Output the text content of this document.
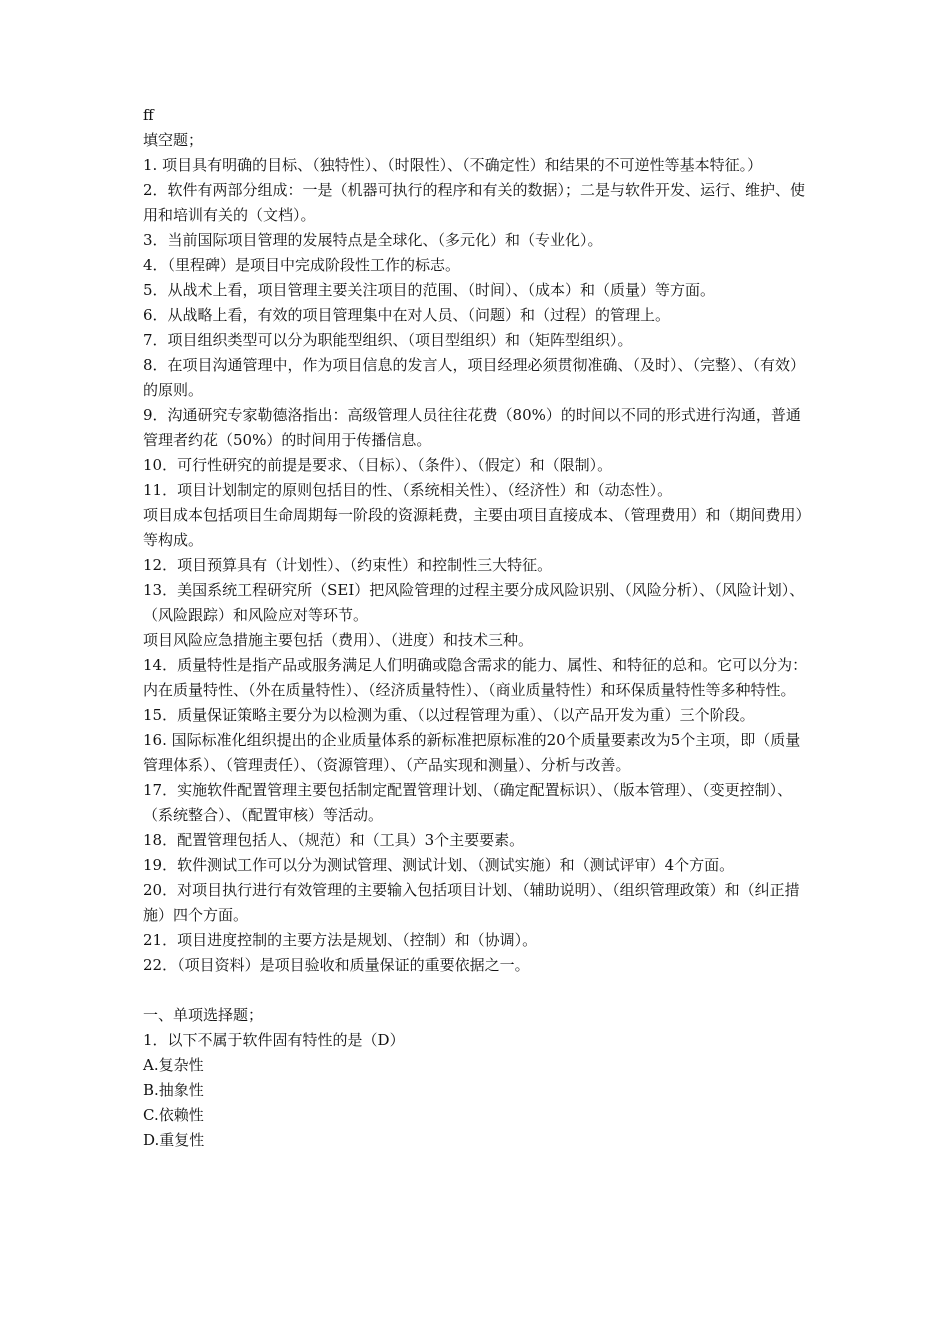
ff

填空题；

1. 项目具有明确的目标、（独特性）、（时限性）、（不确定性）和结果的不可逆性等基本特征。）

2．软件有两部分组成：一是（机器可执行的程序和有关的数据）；二是与软件开发、运行、维护、使用和培训有关的（文档）。

3．当前国际项目管理的发展特点是全球化、（多元化）和（专业化）。

4．（里程碑）是项目中完成阶段性工作的标志。

5．从战术上看，项目管理主要关注项目的范围、（时间）、（成本）和（质量）等方面。

6．从战略上看，有效的项目管理集中在对人员、（问题）和（过程）的管理上。

7．项目组织类型可以分为职能型组织、（项目型组织）和（矩阵型组织）。

8．在项目沟通管理中，作为项目信息的发言人，项目经理必须贯彻准确、（及时）、（完整）、（有效）的原则。

9．沟通研究专家勒德洛指出：高级管理人员往往花费（80%）的时间以不同的形式进行沟通，普通管理者约花（50%）的时间用于传播信息。

10．可行性研究的前提是要求、（目标）、（条件）、（假定）和（限制）。

11．项目计划制定的原则包括目的性、（系统相关性）、（经济性）和（动态性）。

项目成本包括项目生命周期每一阶段的资源耗费，主要由项目直接成本、（管理费用）和（期间费用）等构成。

12．项目预算具有（计划性）、（约束性）和控制性三大特征。

13．美国系统工程研究所（SEI）把风险管理的过程主要分成风险识别、（风险分析）、（风险计划）、（风险跟踪）和风险应对等环节。

项目风险应急措施主要包括（费用）、（进度）和技术三种。

14．质量特性是指产品或服务满足人们明确或隐含需求的能力、属性、和特征的总和。它可以分为：内在质量特性、（外在质量特性）、（经济质量特性）、（商业质量特性）和环保质量特性等多种特性。

15．质量保证策略主要分为以检测为重、（以过程管理为重）、（以产品开发为重）三个阶段。

16. 国际标准化组织提出的企业质量体系的新标准把原标准的20个质量要素改为5个主项，即（质量管理体系）、（管理责任）、（资源管理）、（产品实现和测量）、分析与改善。

17．实施软件配置管理主要包括制定配置管理计划、（确定配置标识）、（版本管理）、（变更控制）、（系统整合）、（配置审核）等活动。

18．配置管理包括人、（规范）和（工具）3个主要要素。

19．软件测试工作可以分为测试管理、测试计划、（测试实施）和（测试评审）4个方面。

20．对项目执行进行有效管理的主要输入包括项目计划、（辅助说明）、（组织管理政策）和（纠正措施）四个方面。

21．项目进度控制的主要方法是规划、（控制）和（协调）。

22．（项目资料）是项目验收和质量保证的重要依据之一。

一、单项选择题；

1．以下不属于软件固有特性的是（D）

A.复杂性

B.抽象性

C.依赖性

D.重复性
